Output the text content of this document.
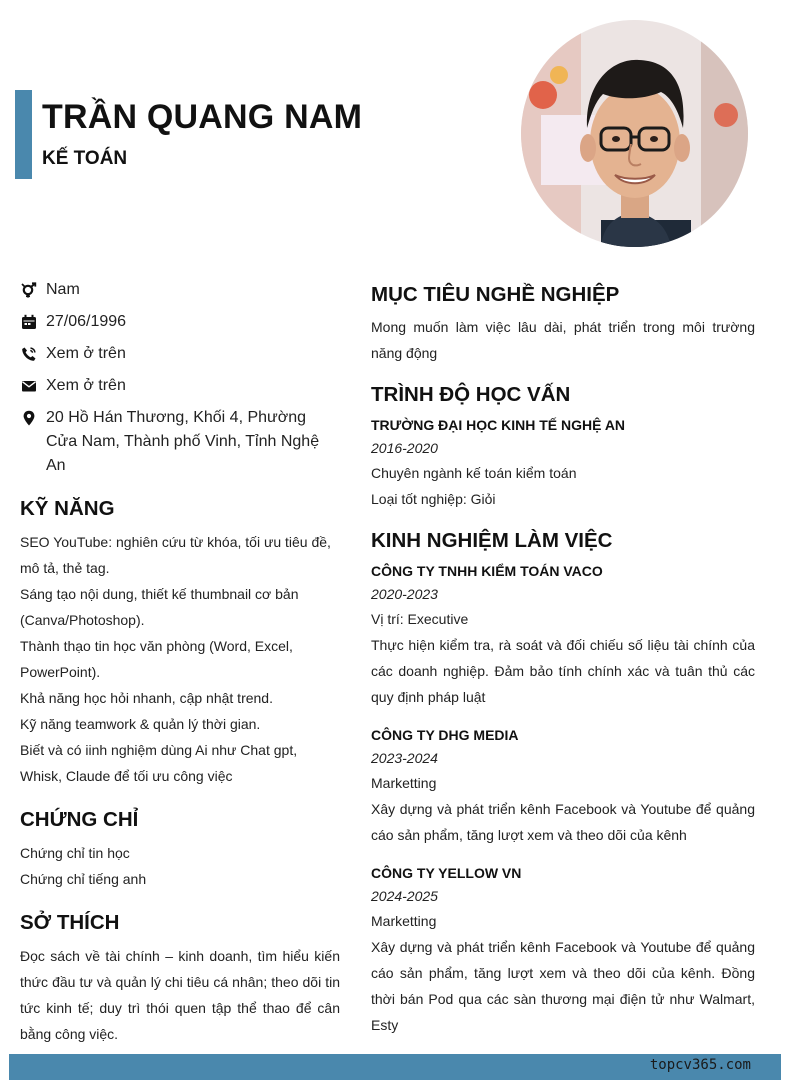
TRẦN QUANG NAM
KẾ TOÁN
Nam
27/06/1996
Xem ở trên
Xem ở trên
20 Hồ Hán Thương, Khối 4, Phường Cửa Nam, Thành phố Vinh, Tỉnh Nghệ An
KỸ NĂNG

SEO YouTube: nghiên cứu từ khóa, tối ưu tiêu đề, mô tả, thẻ tag.

Sáng tạo nội dung, thiết kế thumbnail cơ bản (Canva/Photoshop).

Thành thạo tin học văn phòng (Word, Excel, PowerPoint).

Khả năng học hỏi nhanh, cập nhật trend.

Kỹ năng teamwork & quản lý thời gian.

Biết và có iinh nghiệm dùng Ai như Chat gpt, Whisk, Claude để tối ưu công việc

CHỨNG CHỈ

Chứng chỉ tin học

Chứng chỉ tiếng anh

SỞ THÍCH

Đọc sách về tài chính – kinh doanh, tìm hiểu kiến thức đầu tư và quản lý chi tiêu cá nhân; theo dõi tin tức kinh tế; duy trì thói quen tập thể thao để cân bằng công việc.

MỤC TIÊU NGHỀ NGHIỆP

Mong muốn làm việc lâu dài, phát triển trong môi trường năng động

TRÌNH ĐỘ HỌC VẤN
TRƯỜNG ĐẠI HỌC KINH TẾ NGHỆ AN
2016-2020
Chuyên ngành kế toán kiểm toán
Loại tốt nghiệp: Giỏi
KINH NGHIỆM LÀM VIỆC
CÔNG TY TNHH KIỂM TOÁN VACO
2020-2023
Vị trí: Executive

Thực hiện kiểm tra, rà soát và đối chiếu số liệu tài chính của các doanh nghiệp. Đảm bảo tính chính xác và tuân thủ các quy định pháp luật

CÔNG TY DHG MEDIA
2023-2024
Marketting

Xây dựng và phát triển kênh Facebook và Youtube để quảng cáo sản phẩm, tăng lượt xem và theo dõi của kênh

CÔNG TY YELLOW VN
2024-2025
Marketting

Xây dựng và phát triển kênh Facebook và Youtube để quảng cáo sản phẩm, tăng lượt xem và theo dõi của kênh. Đồng thời bán Pod qua các sàn thương mại điện tử như Walmart, Esty

topcv365.com
